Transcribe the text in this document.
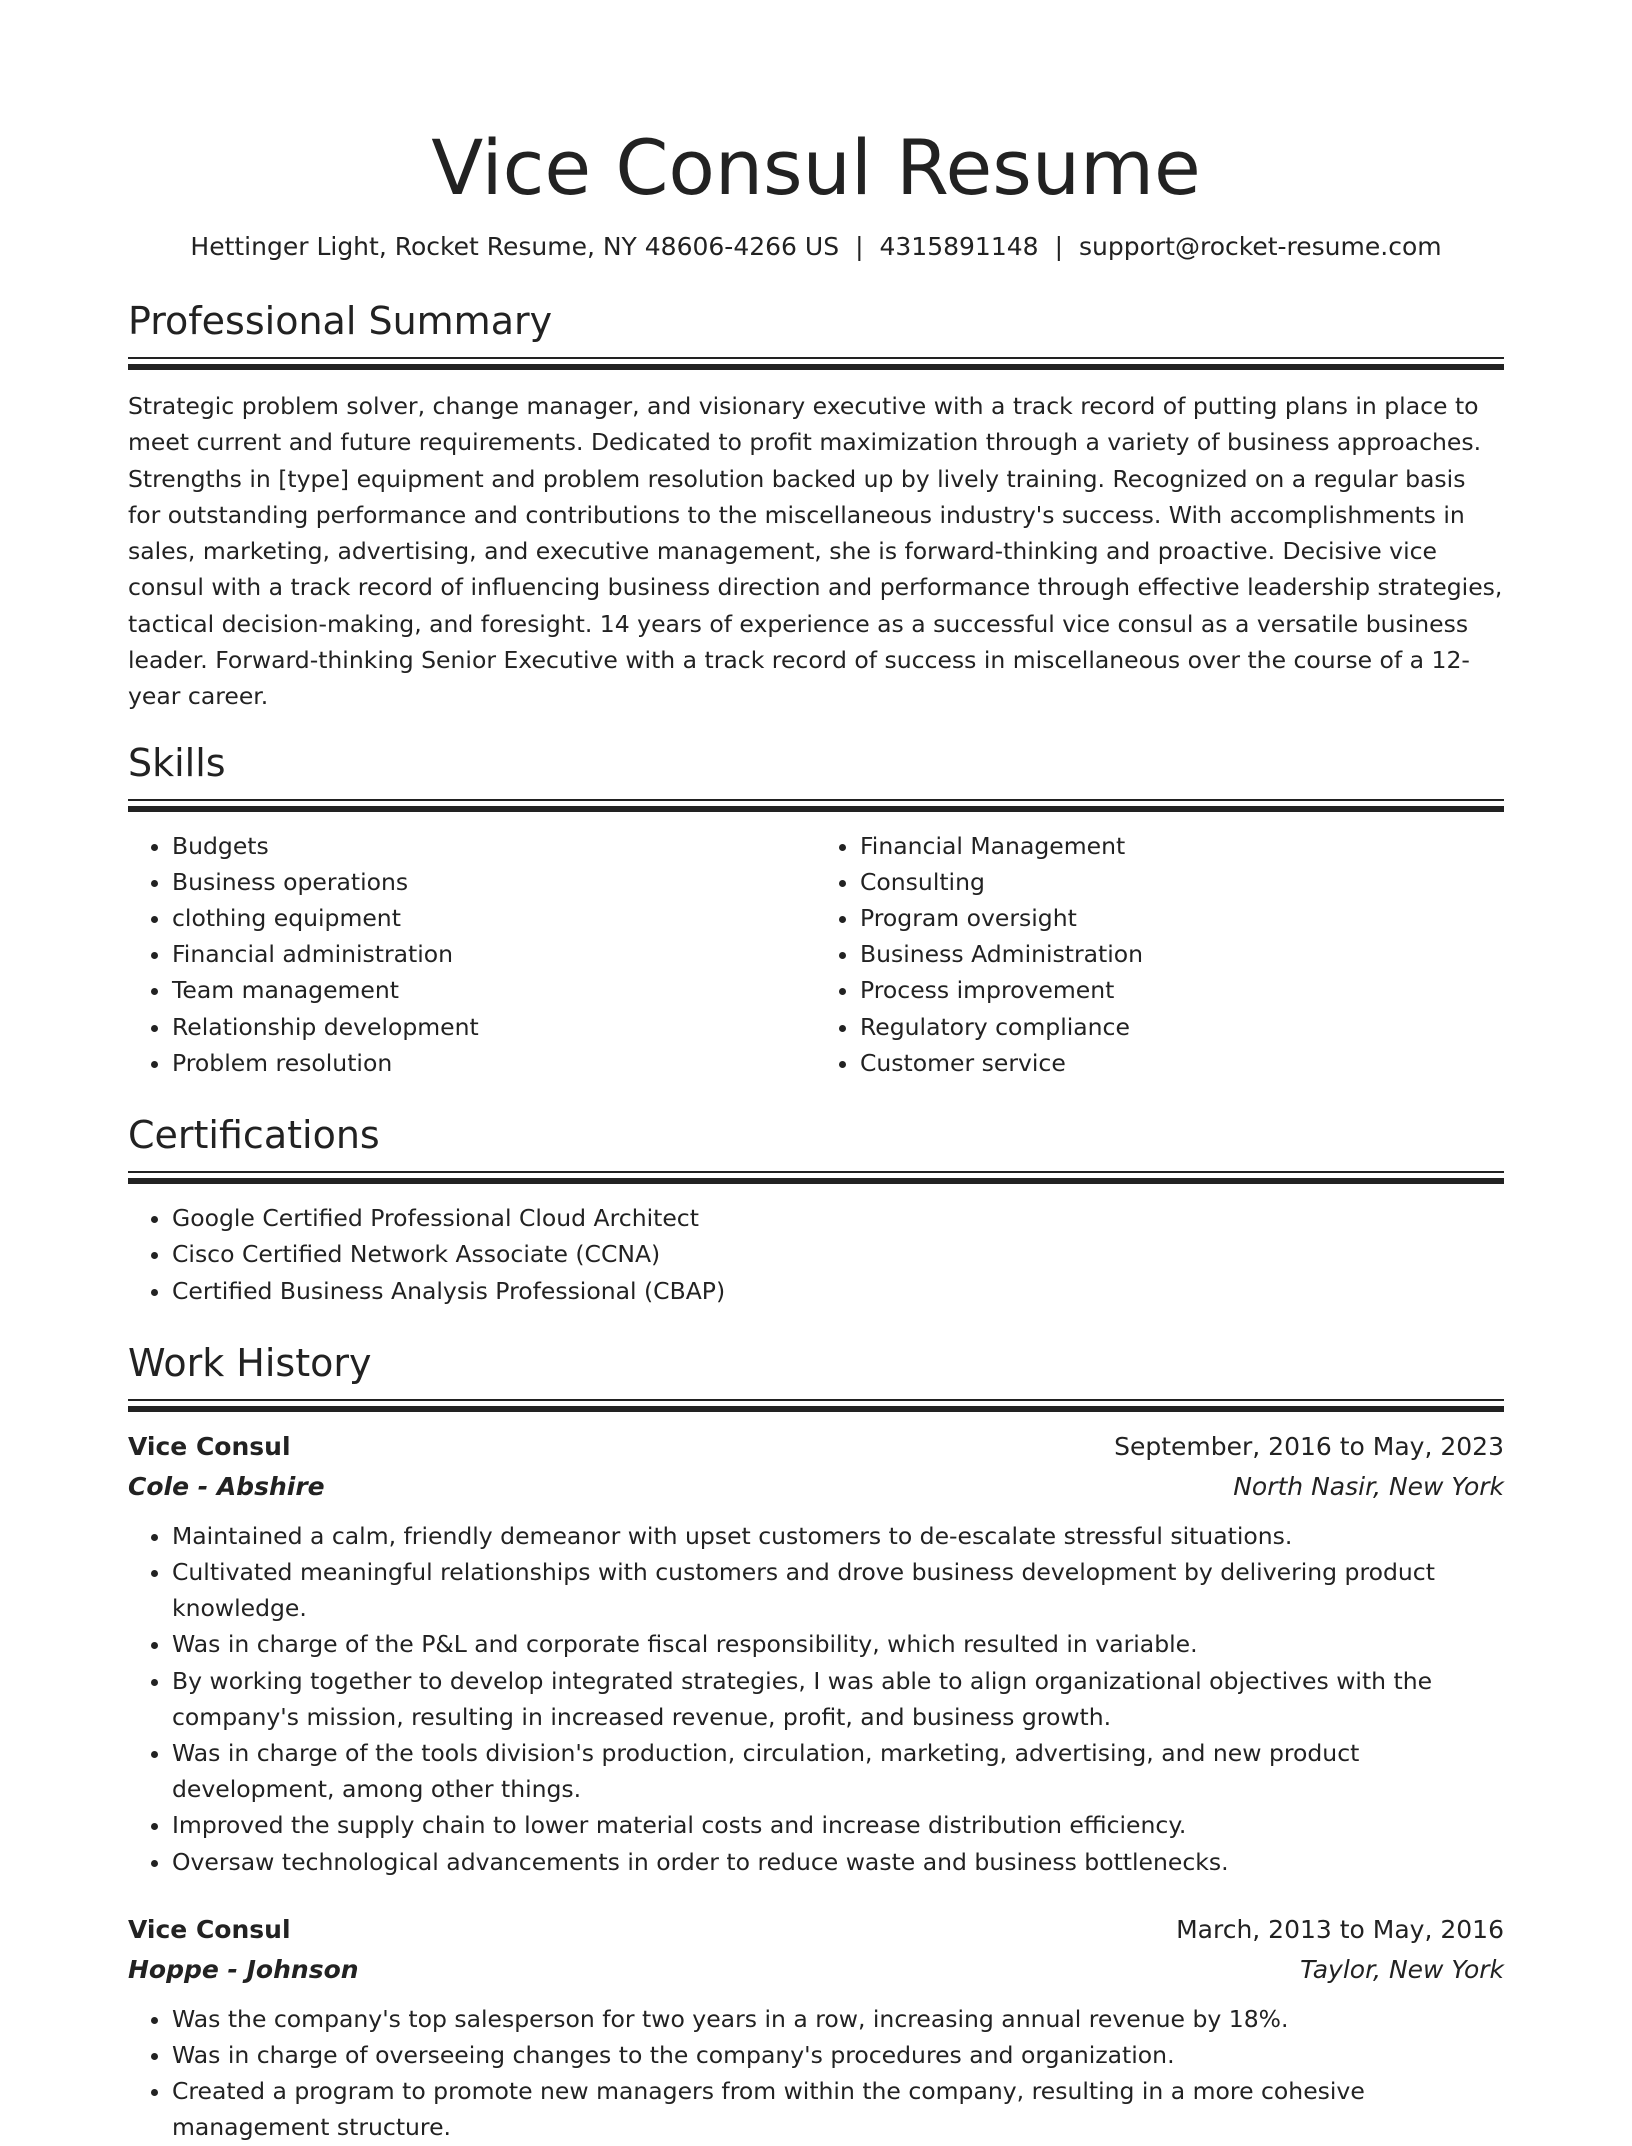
Vice Consul Resume
Hettinger Light, Rocket Resume, NY 48606-4266 US | 4315891148 | support@rocket-resume.com
Professional Summary

Strategic problem solver, change manager, and visionary executive with a track record of putting plans in place to meet current and future requirements. Dedicated to profit maximization through a variety of business approaches. Strengths in [type] equipment and problem resolution backed up by lively training. Recognized on a regular basis for outstanding performance and contributions to the miscellaneous industry's success. With accomplishments in sales, marketing, advertising, and executive management, she is forward-thinking and proactive. Decisive vice consul with a track record of influencing business direction and performance through effective leadership strategies, tactical decision-making, and foresight. 14 years of experience as a successful vice consul as a versatile business leader. Forward-thinking Senior Executive with a track record of success in miscellaneous over the course of a 12-year career.

Skills
• Budgets
• Business operations
• clothing equipment
• Financial administration
• Team management
• Relationship development
• Problem resolution
• Financial Management
• Consulting
• Program oversight
• Business Administration
• Process improvement
• Regulatory compliance
• Customer service
Certifications
• Google Certified Professional Cloud Architect
• Cisco Certified Network Associate (CCNA)
• Certified Business Analysis Professional (CBAP)
Work History
Vice Consul	September, 2016 to May, 2023
Cole - Abshire	North Nasir, New York
• Maintained a calm, friendly demeanor with upset customers to de-escalate stressful situations.
• Cultivated meaningful relationships with customers and drove business development by delivering product knowledge.
• Was in charge of the P&L and corporate fiscal responsibility, which resulted in variable.
• By working together to develop integrated strategies, I was able to align organizational objectives with the company's mission, resulting in increased revenue, profit, and business growth.
• Was in charge of the tools division's production, circulation, marketing, advertising, and new product development, among other things.
• Improved the supply chain to lower material costs and increase distribution efficiency.
• Oversaw technological advancements in order to reduce waste and business bottlenecks.
Vice Consul	March, 2013 to May, 2016
Hoppe - Johnson	Taylor, New York
• Was the company's top salesperson for two years in a row, increasing annual revenue by 18%.
• Was in charge of overseeing changes to the company's procedures and organization.
• Created a program to promote new managers from within the company, resulting in a more cohesive management structure.
